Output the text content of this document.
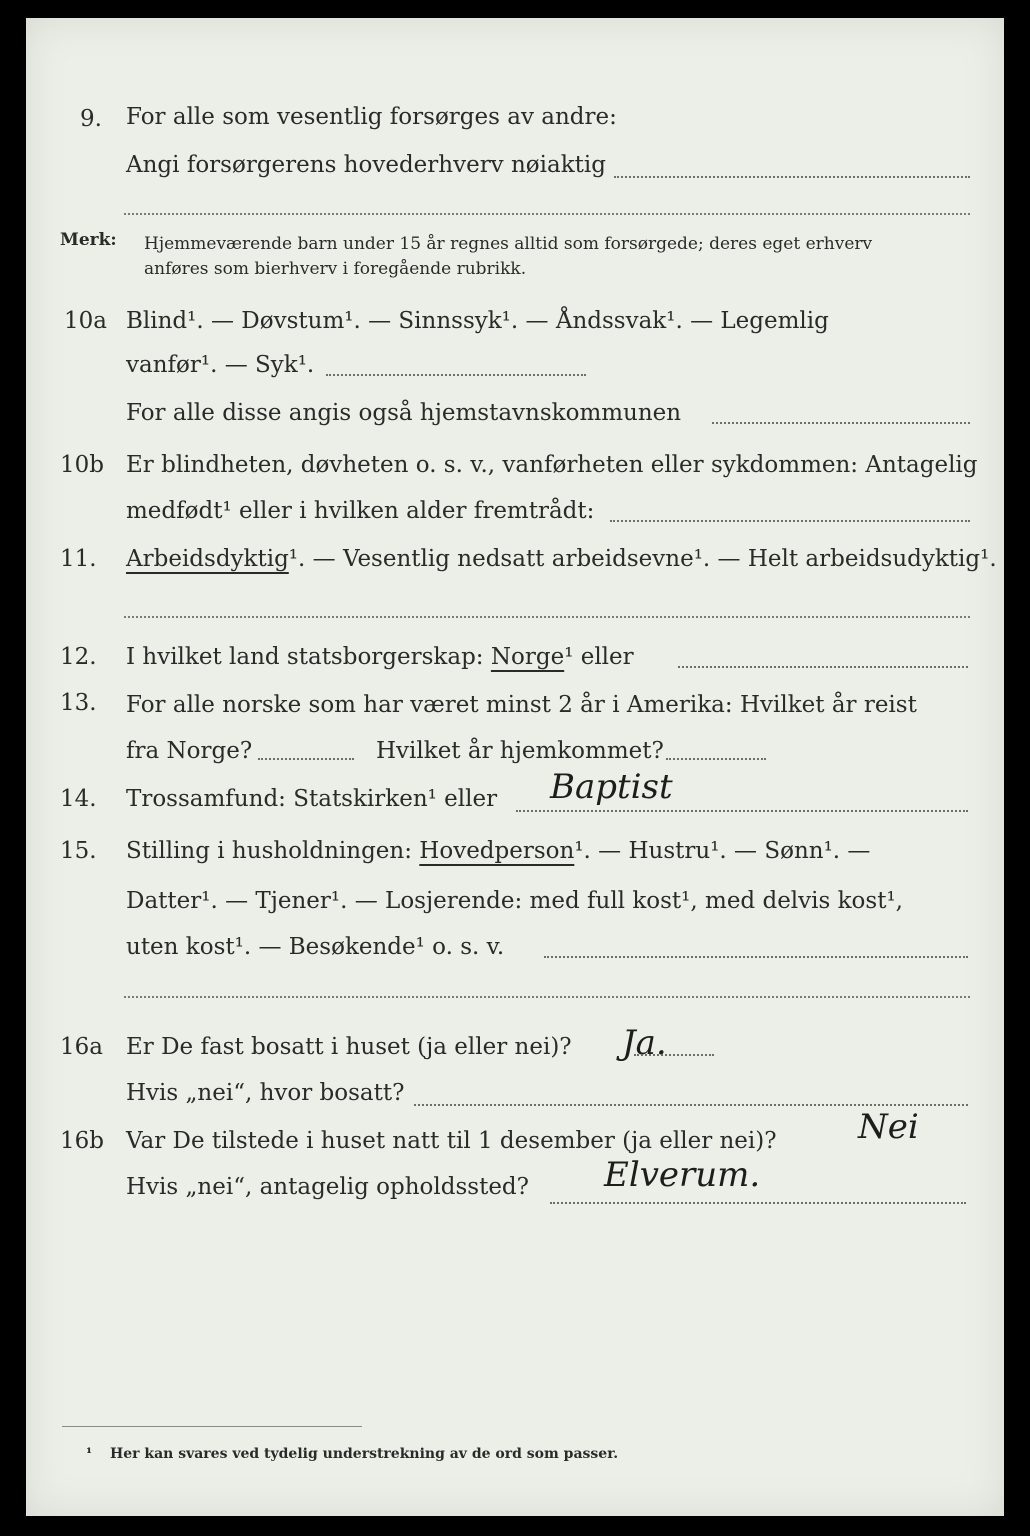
9. For alle som vesentlig forsørges av andre:
Angi forsørgerens hovederhverv nøiaktig
Merk: Hjemmeværende barn under 15 år regnes alltid som forsørgede; deres eget erhverv
anføres som bierhverv i foregående rubrikk.
10a Blind¹. — Døvstum¹. — Sinnssyk¹. — Åndssvak¹. — Legemlig
vanfør¹. — Syk¹.
For alle disse angis også hjemstavnskommunen
10b Er blindheten, døvheten o. s. v., vanførheten eller sykdommen: Antagelig
medfødt¹ eller i hvilken alder fremtrådt:
11. Arbeidsdyktig¹. — Vesentlig nedsatt arbeidsevne¹. — Helt arbeidsudyktig¹.
12. I hvilket land statsborgerskap: Norge¹ eller
13. For alle norske som har været minst 2 år i Amerika: Hvilket år reist
fra Norge?	Hvilket år hjemkommet?
14. Trossamfund: Statskirken¹ eller Baptist
15. Stilling i husholdningen: Hovedperson¹. — Hustru¹. — Sønn¹. —
Datter¹. — Tjener¹. — Losjerende: med full kost¹, med delvis kost¹,
uten kost¹. — Besøkende¹ o. s. v.
16a Er De fast bosatt i huset (ja eller nei)? Ja.
Hvis „nei“, hvor bosatt?
16b Var De tilstede i huset natt til 1 desember (ja eller nei)? Nei
Hvis „nei“, antagelig opholdssted? Elverum.
¹ Her kan svares ved tydelig understrekning av de ord som passer.
